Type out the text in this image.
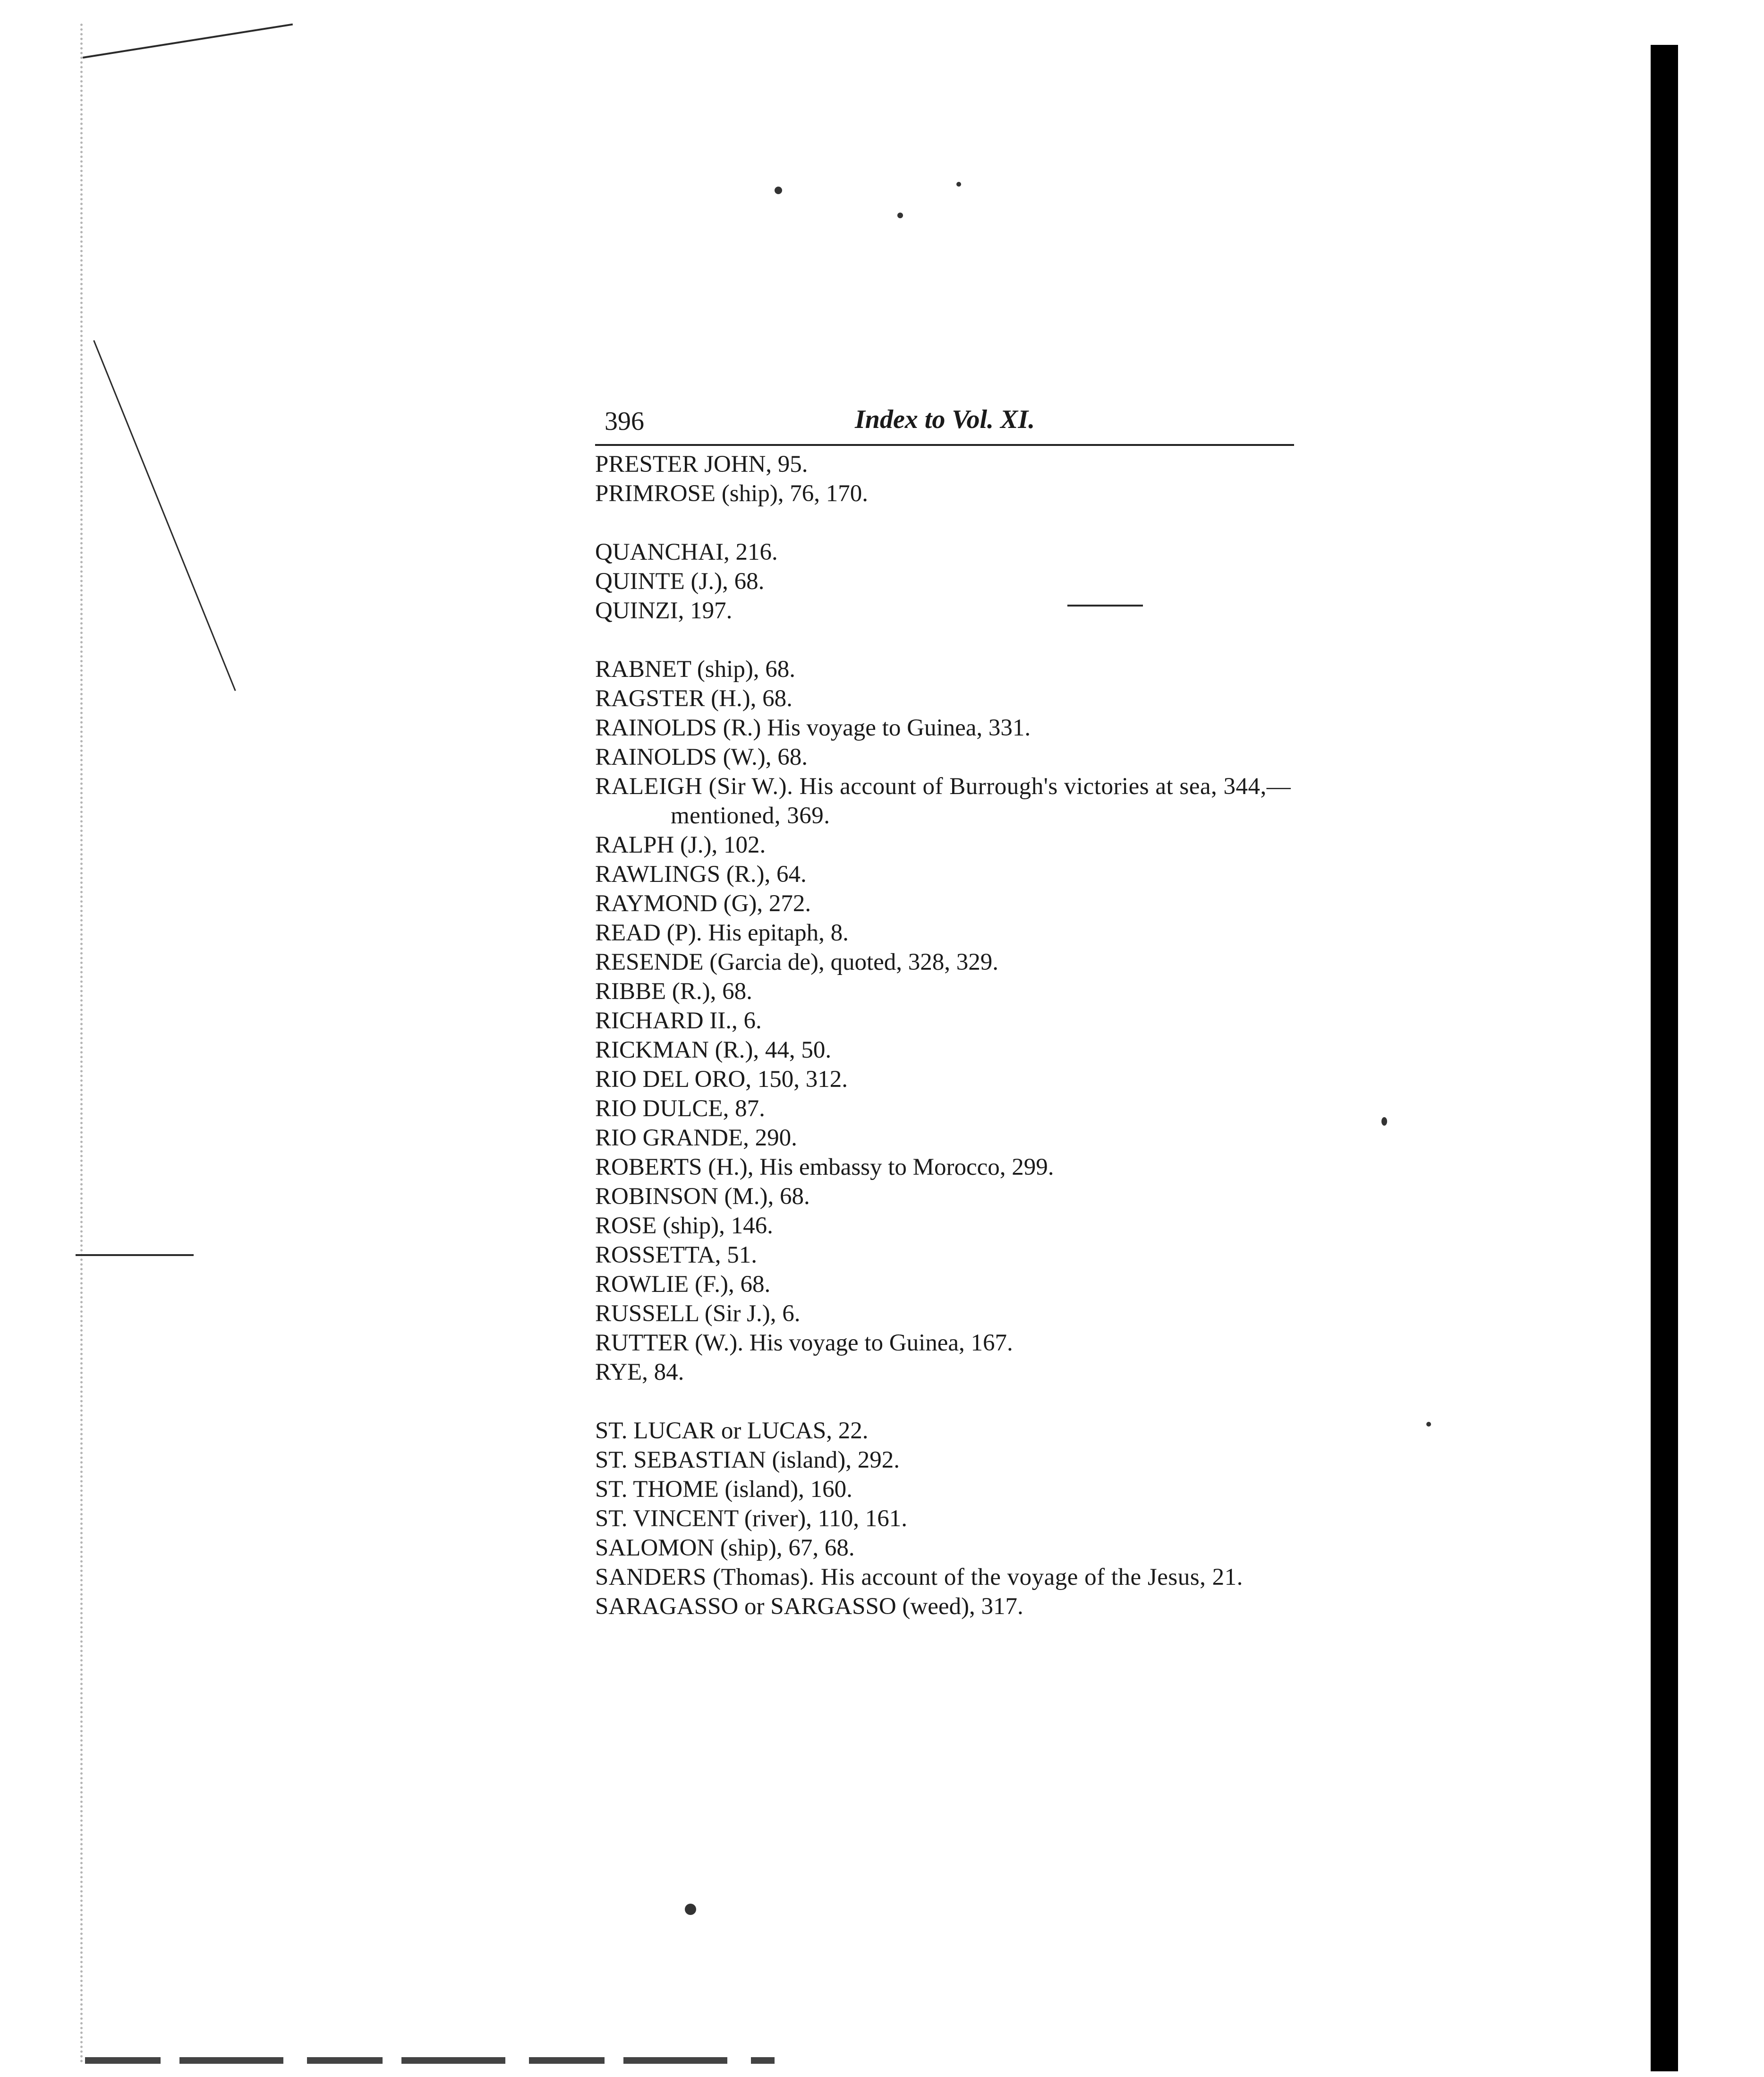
396	Index to Vol. XI.

PRESTER JOHN, 95.

PRIMROSE (ship), 76, 170.

QUANCHAI, 216.

QUINTE (J.), 68.

QUINZI, 197.

RABNET (ship), 68.

RAGSTER (H.), 68.

RAINOLDS (R.) His voyage to Guinea, 331.

RAINOLDS (W.), 68.

RALEIGH (Sir W.). His account of Burrough's victories at sea, 344,—mentioned, 369.

RALPH (J.), 102.

RAWLINGS (R.), 64.

RAYMOND (G), 272.

READ (P). His epitaph, 8.

RESENDE (Garcia de), quoted, 328, 329.

RIBBE (R.), 68.

RICHARD II., 6.

RICKMAN (R.), 44, 50.

RIO DEL ORO, 150, 312.

RIO DULCE, 87.

RIO GRANDE, 290.

ROBERTS (H.), His embassy to Morocco, 299.

ROBINSON (M.), 68.

ROSE (ship), 146.

ROSSETTA, 51.

ROWLIE (F.), 68.

RUSSELL (Sir J.), 6.

RUTTER (W.). His voyage to Guinea, 167.

RYE, 84.

ST. LUCAR or LUCAS, 22.

ST. SEBASTIAN (island), 292.

ST. THOME (island), 160.

ST. VINCENT (river), 110, 161.

SALOMON (ship), 67, 68.

SANDERS (Thomas). His account of the voyage of the Jesus, 21.

SARAGASSO or SARGASSO (weed), 317.
